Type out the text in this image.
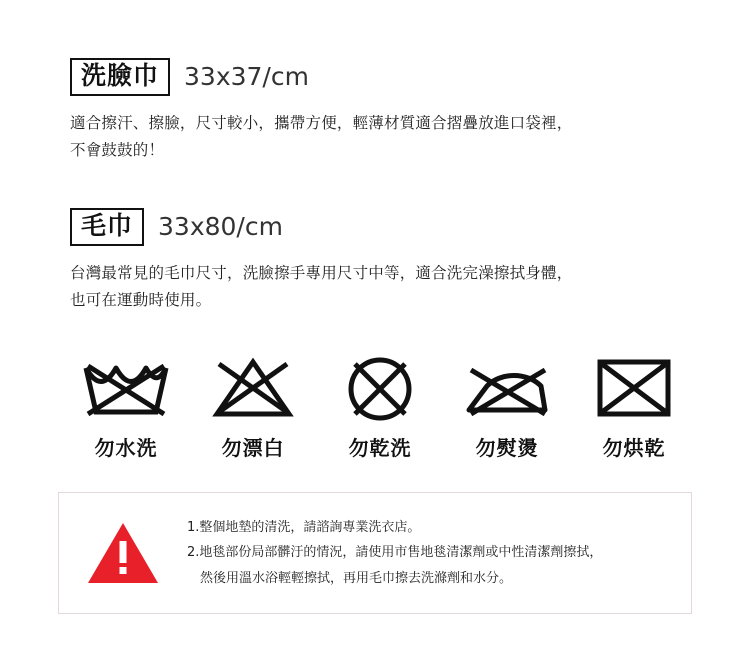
洗臉巾	33x37/cm
適合擦汗、擦臉，尺寸較小，攜帶方便，輕薄材質適合摺疊放進口袋裡，
不會鼓鼓的！
毛巾	33x80/cm
台灣最常見的毛巾尺寸，洗臉擦手專用尺寸中等，適合洗完澡擦拭身體，
也可在運動時使用。
勿水洗	勿漂白	勿乾洗	勿熨燙	勿烘乾
1.整個地墊的清洗，請諮詢專業洗衣店。
2.地毯部份局部髒汙的情況，請使用市售地毯清潔劑或中性清潔劑擦拭，
然後用溫水浴輕輕擦拭，再用毛巾擦去洗滌劑和水分。
